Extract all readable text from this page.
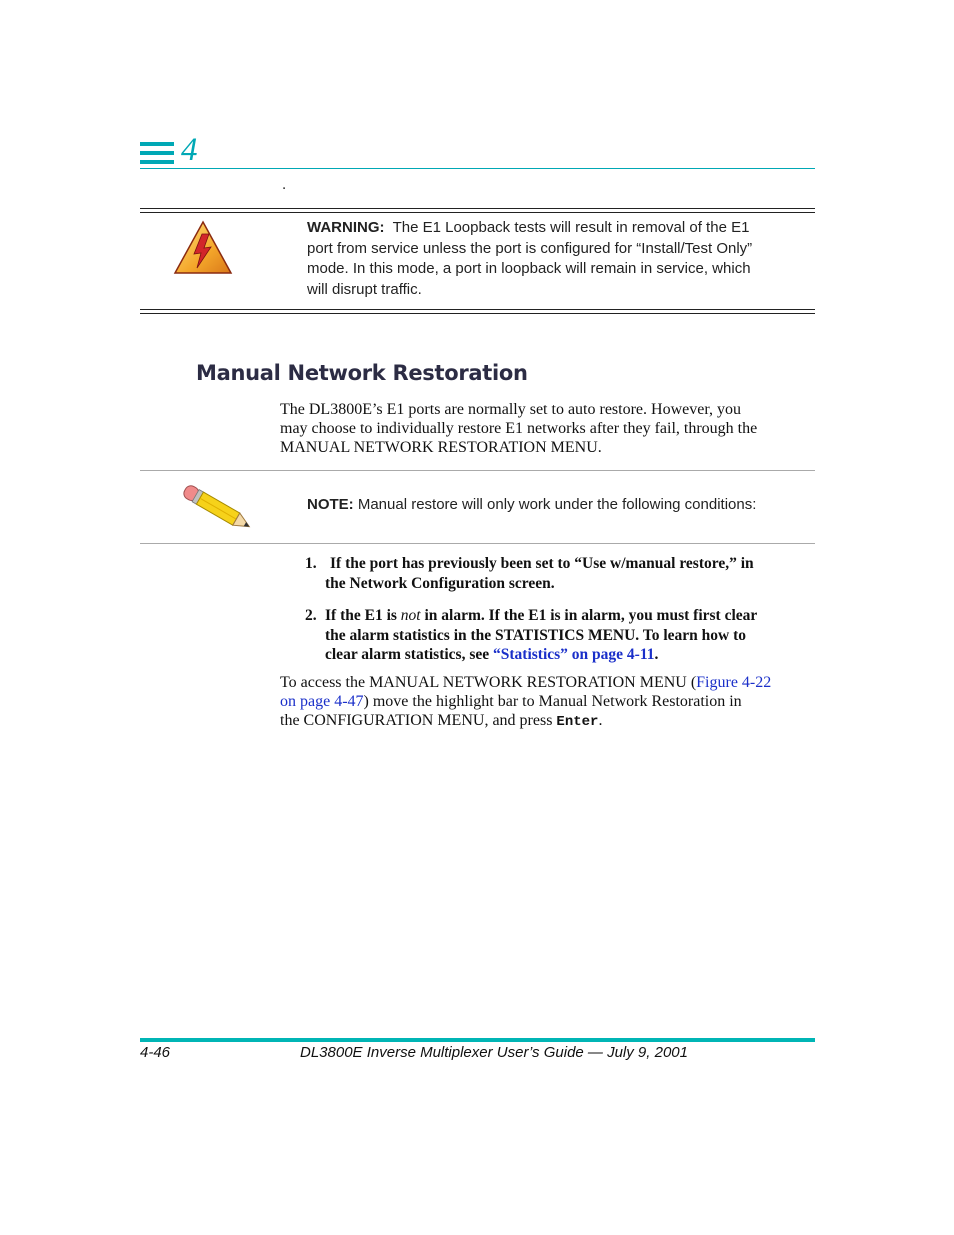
4
.
WARNING: The E1 Loopback tests will result in removal of the E1
port from service unless the port is configured for “Install/Test Only”
mode. In this mode, a port in loopback will remain in service, which
will disrupt traffic.
Manual Network Restoration
The DL3800E’s E1 ports are normally set to auto restore. However, you
may choose to individually restore E1 networks after they fail, through the
MANUAL NETWORK RESTORATION MENU.
NOTE: Manual restore will only work under the following conditions:
1. If the port has previously been set to “Use w/manual restore,” in
the Network Configuration screen.
2. If the E1 is not in alarm. If the E1 is in alarm, you must first clear
the alarm statistics in the STATISTICS MENU. To learn how to
clear alarm statistics, see “Statistics” on page 4-11.
To access the MANUAL NETWORK RESTORATION MENU (Figure 4-22
on page 4-47) move the highlight bar to Manual Network Restoration in
the CONFIGURATION MENU, and press Enter.
4-46	DL3800E Inverse Multiplexer User’s Guide — July 9, 2001
